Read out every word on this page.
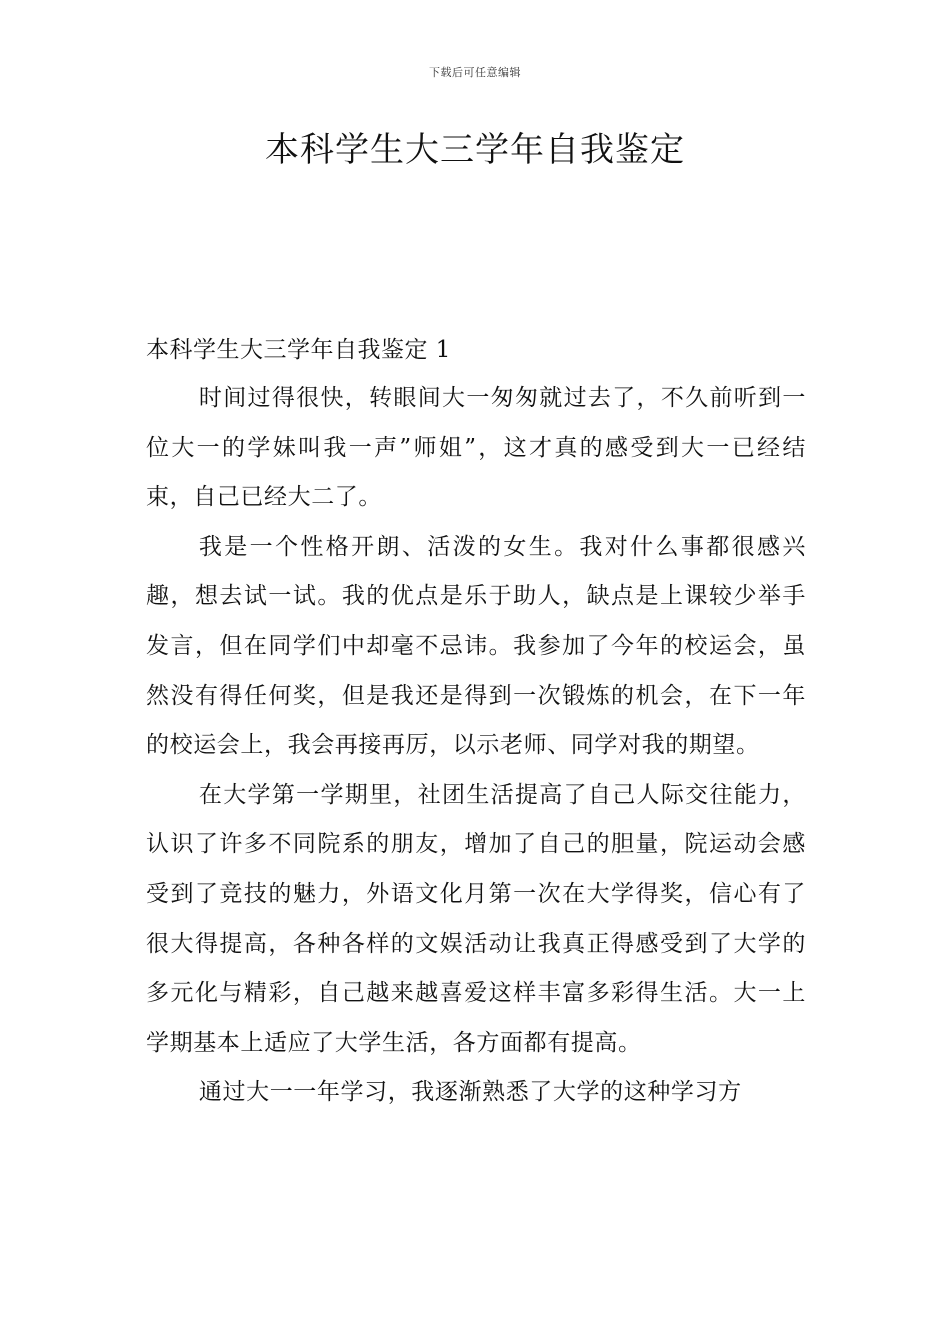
下载后可任意编辑
本科学生大三学年自我鉴定

本科学生大三学年自我鉴定 1

时间过得很快，转眼间大一匆匆就过去了，不久前听到一位大一的学妹叫我一声”师姐”，这才真的感受到大一已经结束，自己已经大二了。

我是一个性格开朗、活泼的女生。我对什么事都很感兴趣，想去试一试。我的优点是乐于助人，缺点是上课较少举手发言，但在同学们中却毫不忌讳。我参加了今年的校运会，虽然没有得任何奖，但是我还是得到一次锻炼的机会，在下一年的校运会上，我会再接再厉，以示老师、同学对我的期望。

在大学第一学期里，社团生活提高了自己人际交往能力，认识了许多不同院系的朋友，增加了自己的胆量，院运动会感受到了竞技的魅力，外语文化月第一次在大学得奖，信心有了很大得提高，各种各样的文娱活动让我真正得感受到了大学的多元化与精彩，自己越来越喜爱这样丰富多彩得生活。大一上学期基本上适应了大学生活，各方面都有提高。

通过大一一年学习，我逐渐熟悉了大学的这种学习方
